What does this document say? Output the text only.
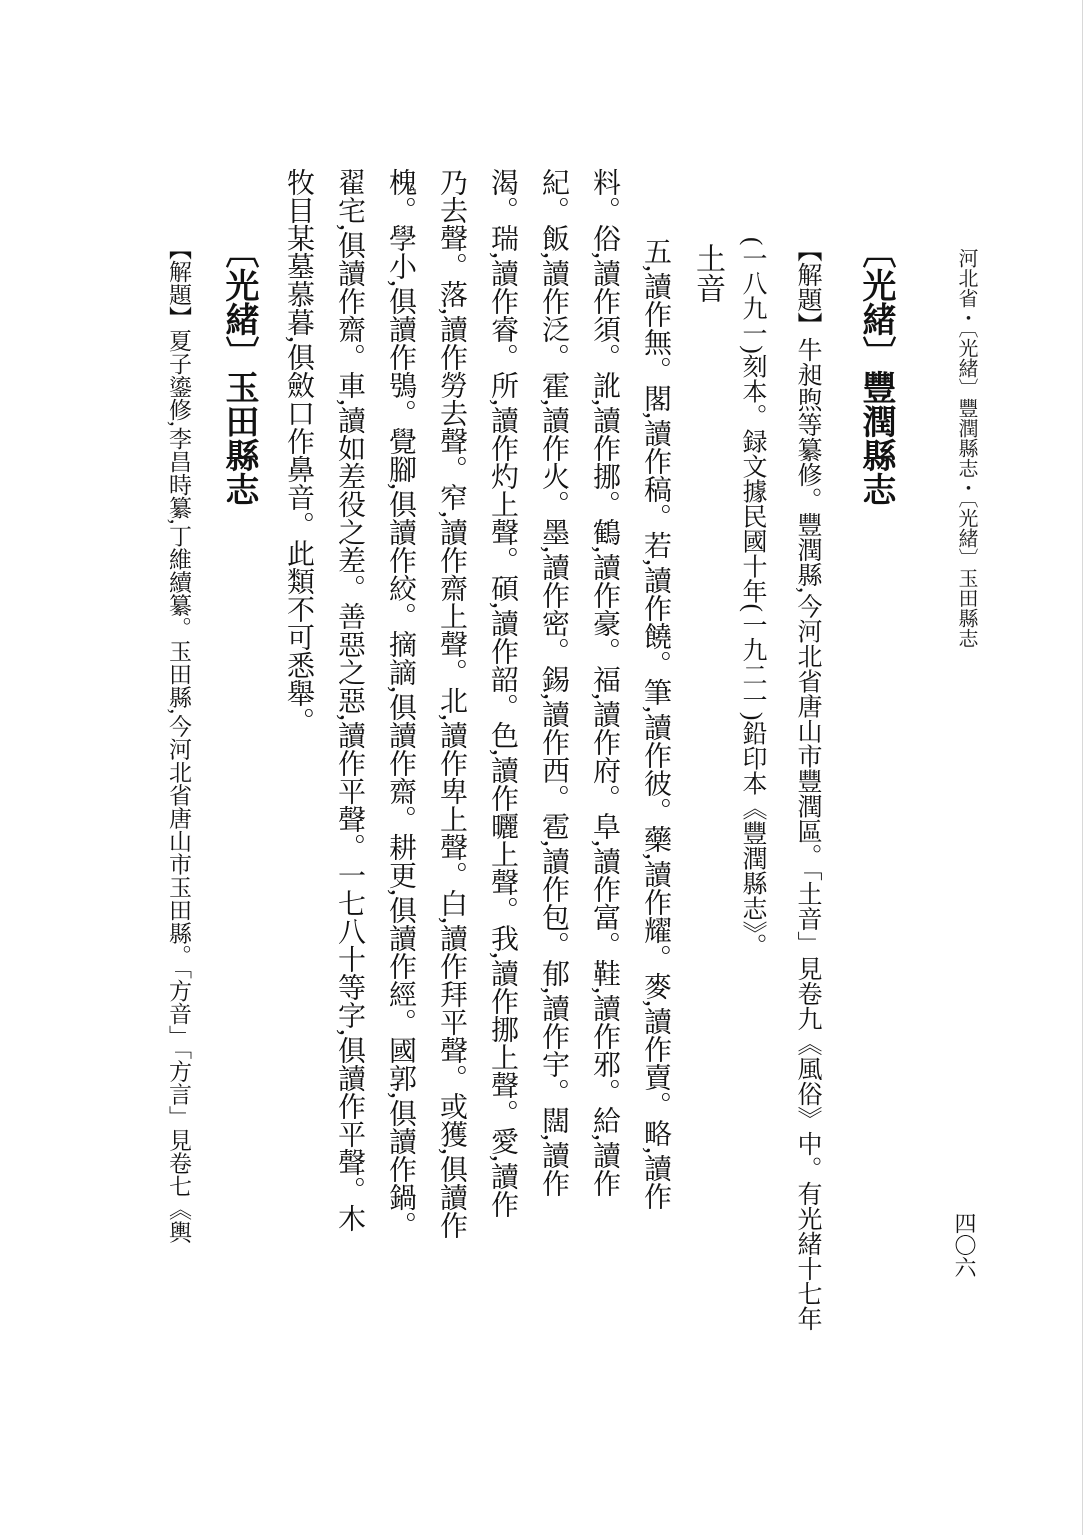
河北省・〔光緒〕豐潤縣志・〔光緒〕玉田縣志
四〇六
〔光緒〕豐潤縣志
【解題】牛昶煦等纂修。豐潤縣,今河北省唐山市豐潤區。「土音」見卷九《風俗》中。有光緒十七年
(一八九一)刻本。録文據民國十年(一九二一)鉛印本《豐潤縣志》。
土音
五,讀作無。閣,讀作稿。若,讀作饒。筆,讀作彼。藥,讀作耀。麥,讀作賣。略,讀作
料。俗,讀作須。訛,讀作挪。鶴,讀作豪。福,讀作府。阜,讀作富。鞋,讀作邪。給,讀作
紀。飯,讀作泛。霍,讀作火。墨,讀作密。錫,讀作西。雹,讀作包。郁,讀作宇。闊,讀作
渴。瑞,讀作睿。所,讀作灼上聲。碩,讀作韶。色,讀作曬上聲。我,讀作挪上聲。愛,讀作
乃去聲。落,讀作勞去聲。窄,讀作齋上聲。北,讀作卑上聲。白,讀作拜平聲。或獲,俱讀作
槐。學小,俱讀作鴞。覺腳,俱讀作絞。摘謫,俱讀作齋。耕更,俱讀作經。國郭,俱讀作鍋。
翟宅,俱讀作齋。車,讀如差役之差。善惡之惡,讀作平聲。一七八十等字,俱讀作平聲。木
牧目某墓慕暮,俱斂口作鼻音。此類不可悉舉。
〔光緒〕玉田縣志
【解題】夏子鎏修,李昌時纂,丁維續纂。玉田縣,今河北省唐山市玉田縣。「方音」「方言」見卷七《輿
